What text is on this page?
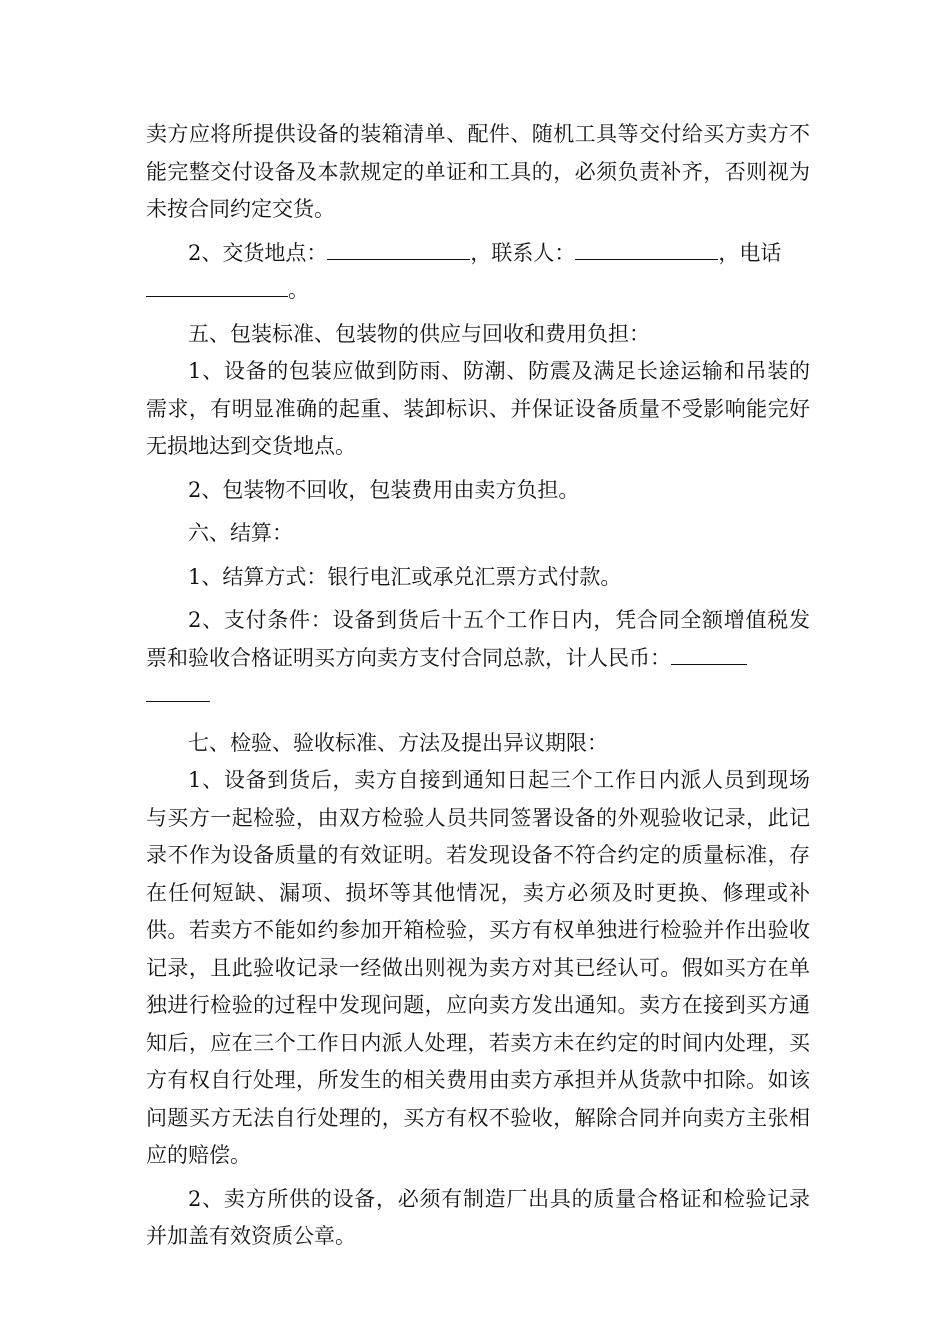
卖方应将所提供设备的装箱清单、配件、随机工具等交付给买方卖方不能完整交付设备及本款规定的单证和工具的，必须负责补齐，否则视为未按合同约定交货。

2、交货地点：	，联系人：	，电话

。

五、包装标准、包装物的供应与回收和费用负担：

1、设备的包装应做到防雨、防潮、防震及满足长途运输和吊装的需求，有明显准确的起重、装卸标识、并保证设备质量不受影响能完好无损地达到交货地点。

2、包装物不回收，包装费用由卖方负担。

六、结算：

1、结算方式：银行电汇或承兑汇票方式付款。

2、支付条件：设备到货后十五个工作日内，凭合同全额增值税发票和验收合格证明买方向卖方支付合同总款，计人民币：

七、检验、验收标准、方法及提出异议期限：

1、设备到货后，卖方自接到通知日起三个工作日内派人员到现场与买方一起检验，由双方检验人员共同签署设备的外观验收记录，此记录不作为设备质量的有效证明。若发现设备不符合约定的质量标准，存在任何短缺、漏项、损坏等其他情况，卖方必须及时更换、修理或补供。若卖方不能如约参加开箱检验，买方有权单独进行检验并作出验收记录，且此验收记录一经做出则视为卖方对其已经认可。假如买方在单独进行检验的过程中发现问题，应向卖方发出通知。卖方在接到买方通知后，应在三个工作日内派人处理，若卖方未在约定的时间内处理，买方有权自行处理，所发生的相关费用由卖方承担并从货款中扣除。如该问题买方无法自行处理的，买方有权不验收，解除合同并向卖方主张相应的赔偿。

2、卖方所供的设备，必须有制造厂出具的质量合格证和检验记录并加盖有效资质公章。
